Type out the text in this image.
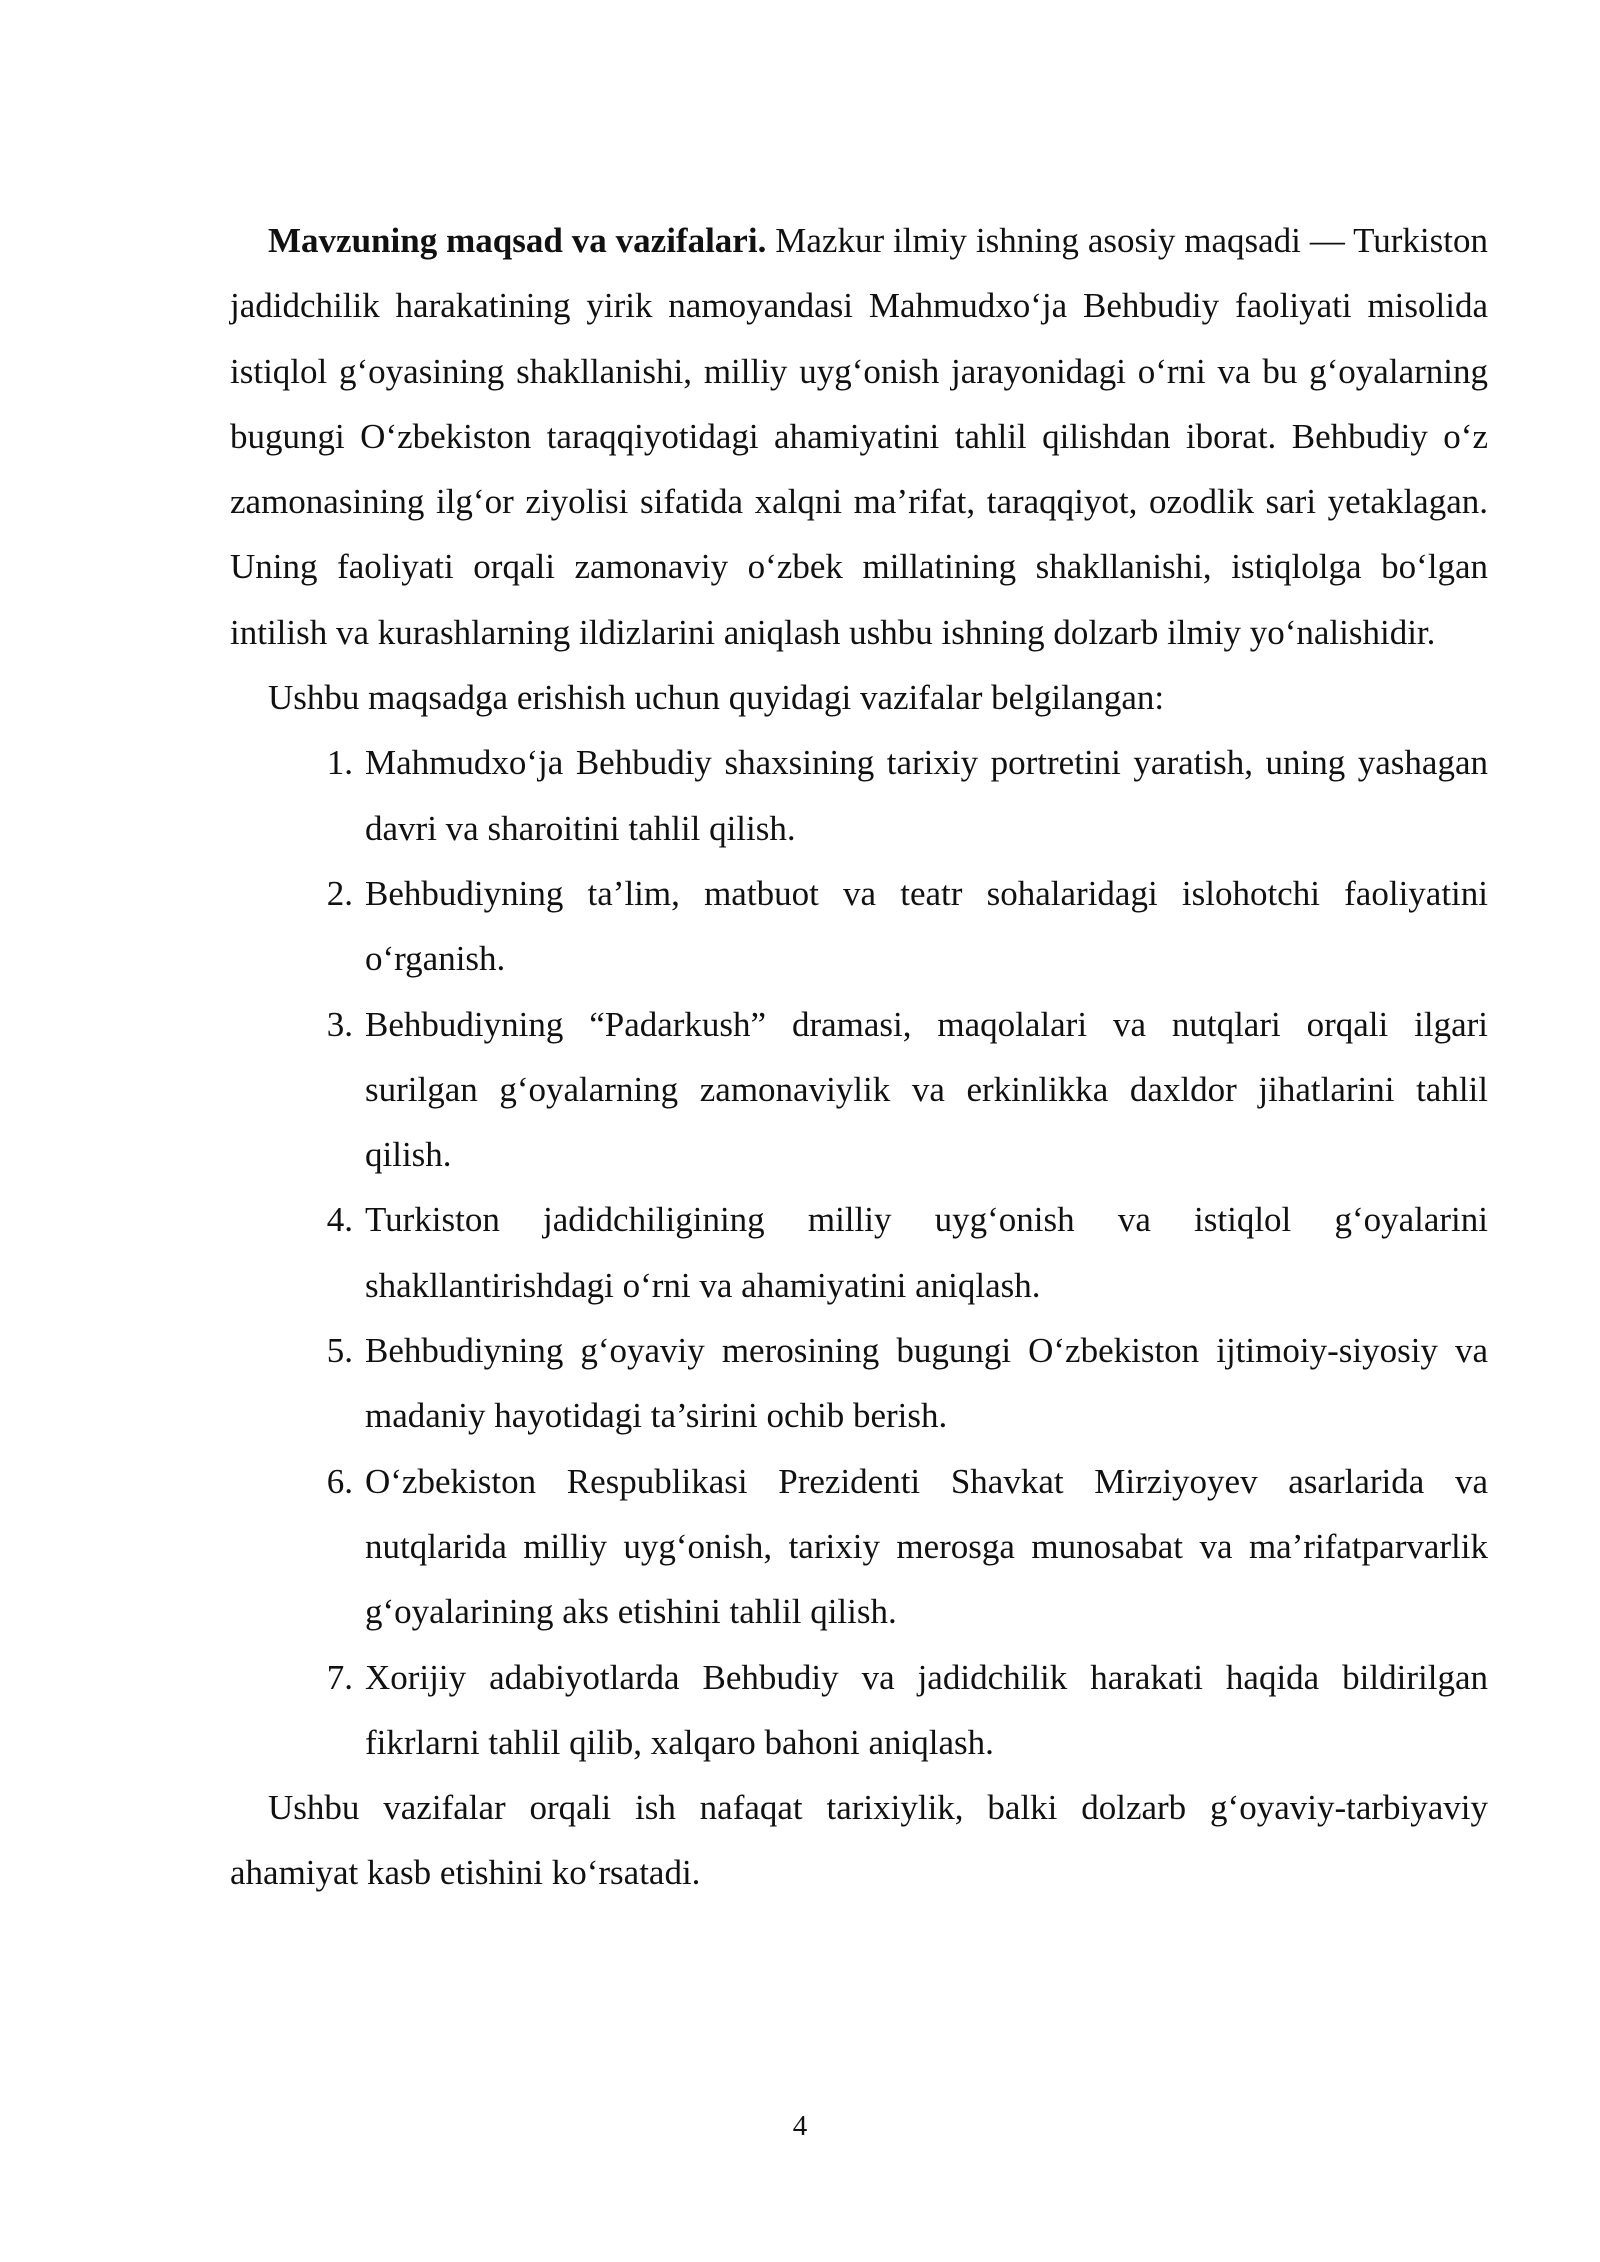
Mavzuning maqsad va vazifalari. Mazkur ilmiy ishning asosiy maqsadi — Turkiston jadidchilik harakatining yirik namoyandasi Mahmudxo‘ja Behbudiy faoliyati misolida istiqlol g‘oyasining shakllanishi, milliy uyg‘onish jarayonidagi o‘rni va bu g‘oyalarning bugungi O‘zbekiston taraqqiyotidagi ahamiyatini tahlil qilishdan iborat. Behbudiy o‘z zamonasining ilg‘or ziyolisi sifatida xalqni ma’rifat, taraqqiyot, ozodlik sari yetaklagan. Uning faoliyati orqali zamonaviy o‘zbek millatining shakllanishi, istiqlolga bo‘lgan intilish va kurashlarning ildizlarini aniqlash ushbu ishning dolzarb ilmiy yo‘nalishidir.

Ushbu maqsadga erishish uchun quyidagi vazifalar belgilangan:

1. Mahmudxo‘ja Behbudiy shaxsining tarixiy portretini yaratish, uning yashagan davri va sharoitini tahlil qilish.
2. Behbudiyning ta’lim, matbuot va teatr sohalaridagi islohotchi faoliyatini o‘rganish.
3. Behbudiyning “Padarkush” dramasi, maqolalari va nutqlari orqali ilgari surilgan g‘oyalarning zamonaviylik va erkinlikka daxldor jihatlarini tahlil qilish.
4. Turkiston jadidchiligining milliy uyg‘onish va istiqlol g‘oyalarini shakllantirishdagi o‘rni va ahamiyatini aniqlash.
5. Behbudiyning g‘oyaviy merosining bugungi O‘zbekiston ijtimoiy-siyosiy va madaniy hayotidagi ta’sirini ochib berish.
6. O‘zbekiston Respublikasi Prezidenti Shavkat Mirziyoyev asarlarida va nutqlarida milliy uyg‘onish, tarixiy merosga munosabat va ma’rifatparvarlik g‘oyalarining aks etishini tahlil qilish.
7. Xorijiy adabiyotlarda Behbudiy va jadidchilik harakati haqida bildirilgan fikrlarni tahlil qilib, xalqaro bahoni aniqlash.

Ushbu vazifalar orqali ish nafaqat tarixiylik, balki dolzarb g‘oyaviy-tarbiyaviy ahamiyat kasb etishini ko‘rsatadi.

4
